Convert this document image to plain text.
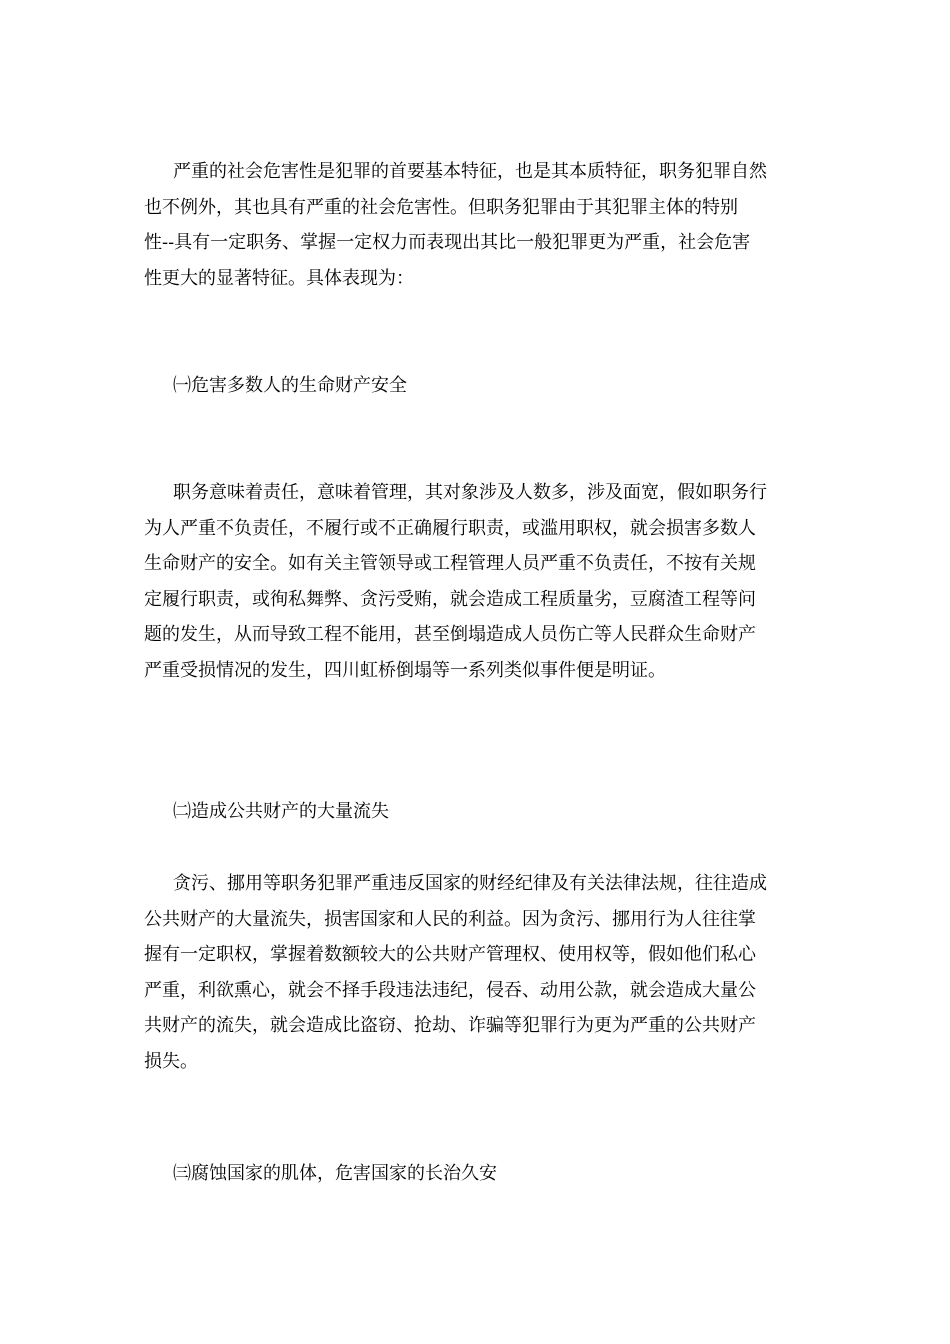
严重的社会危害性是犯罪的首要基本特征，也是其本质特征，职务犯罪自然
也不例外，其也具有严重的社会危害性。但职务犯罪由于其犯罪主体的特别
性--具有一定职务、掌握一定权力而表现出其比一般犯罪更为严重，社会危害
性更大的显著特征。具体表现为：
㈠危害多数人的生命财产安全
职务意味着责任，意味着管理，其对象涉及人数多，涉及面宽，假如职务行
为人严重不负责任，不履行或不正确履行职责，或滥用职权，就会损害多数人
生命财产的安全。如有关主管领导或工程管理人员严重不负责任，不按有关规
定履行职责，或徇私舞弊、贪污受贿，就会造成工程质量劣，豆腐渣工程等问
题的发生，从而导致工程不能用，甚至倒塌造成人员伤亡等人民群众生命财产
严重受损情况的发生，四川虹桥倒塌等一系列类似事件便是明证。
㈡造成公共财产的大量流失
贪污、挪用等职务犯罪严重违反国家的财经纪律及有关法律法规，往往造成
公共财产的大量流失，损害国家和人民的利益。因为贪污、挪用行为人往往掌
握有一定职权，掌握着数额较大的公共财产管理权、使用权等，假如他们私心
严重，利欲熏心，就会不择手段违法违纪，侵吞、动用公款，就会造成大量公
共财产的流失，就会造成比盗窃、抢劫、诈骗等犯罪行为更为严重的公共财产
损失。
㈢腐蚀国家的肌体，危害国家的长治久安
